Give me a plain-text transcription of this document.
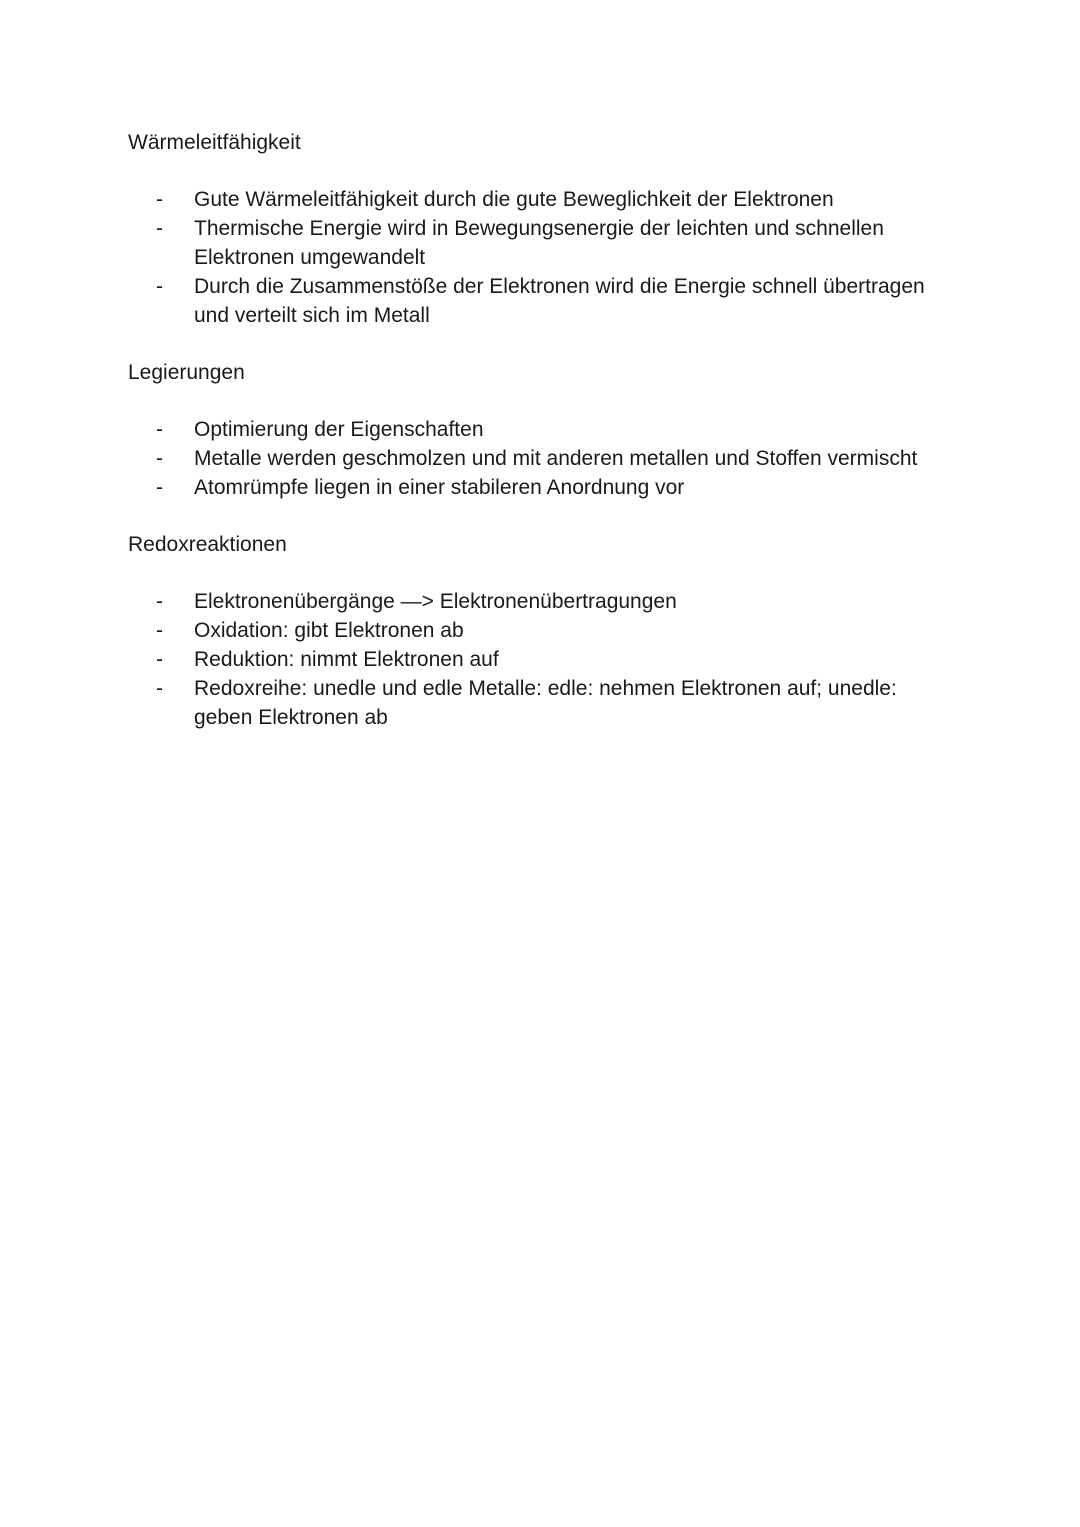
Wärmeleitfähigkeit
-	Gute Wärmeleitfähigkeit durch die gute Beweglichkeit der Elektronen
-	Thermische Energie wird in Bewegungsenergie der leichten und schnellen Elektronen umgewandelt
-	Durch die Zusammenstöße der Elektronen wird die Energie schnell übertragen und verteilt sich im Metall
Legierungen
-	Optimierung der Eigenschaften
-	Metalle werden geschmolzen und mit anderen metallen und Stoffen vermischt
-	Atomrümpfe liegen in einer stabileren Anordnung vor
Redoxreaktionen
-	Elektronenübergänge —> Elektronenübertragungen
-	Oxidation: gibt Elektronen ab
-	Reduktion: nimmt Elektronen auf
-	Redoxreihe: unedle und edle Metalle: edle: nehmen Elektronen auf; unedle: geben Elektronen ab
